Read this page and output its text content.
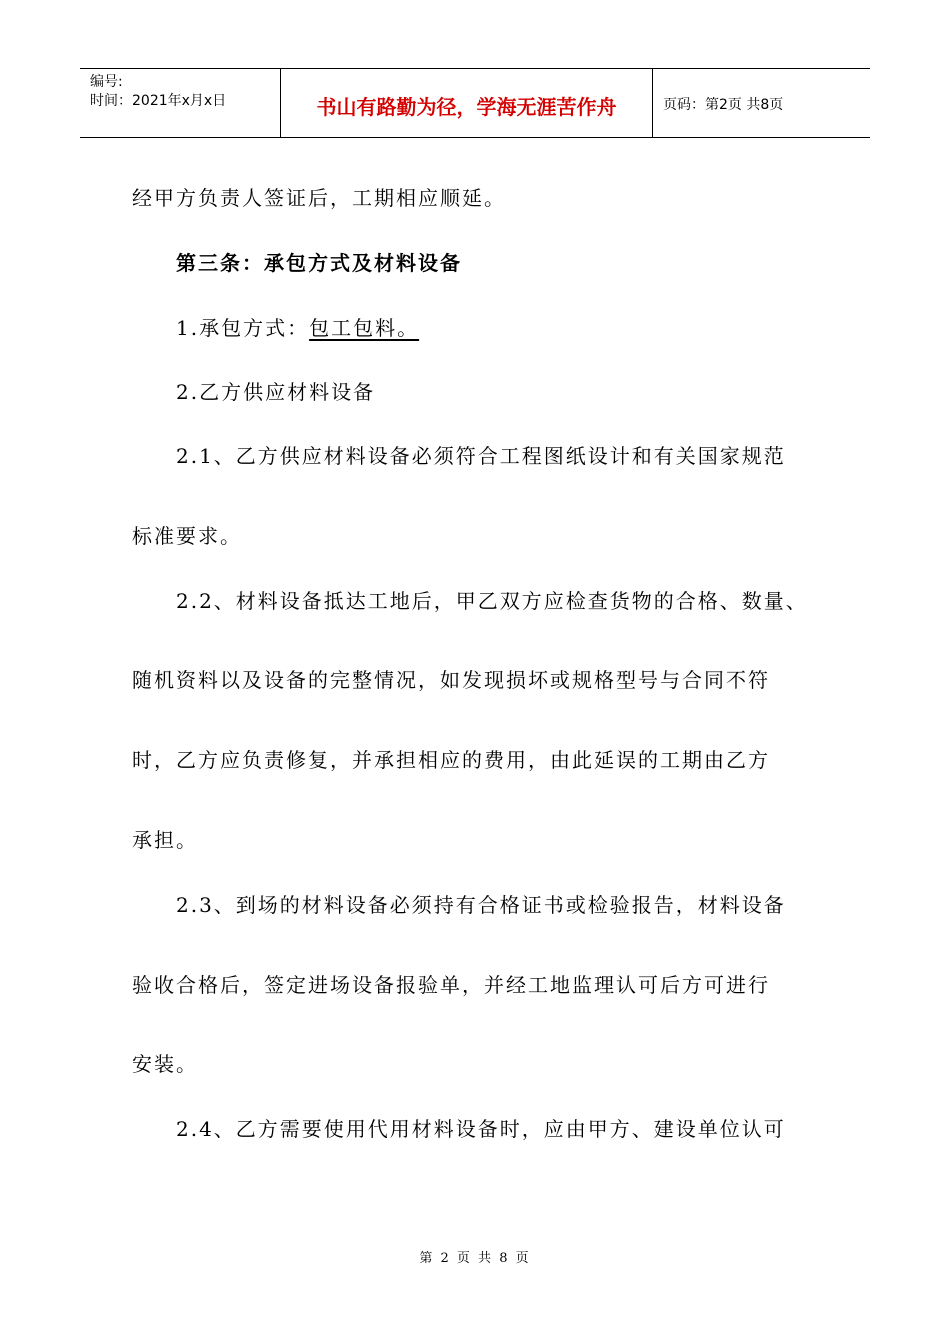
编号:
时间：2021年x月x日	书山有路勤为径，学海无涯苦作舟	页码：第2页 共8页
经甲方负责人签证后，工期相应顺延。
第三条：承包方式及材料设备
1.承包方式：包工包料。
2.乙方供应材料设备
2.1、乙方供应材料设备必须符合工程图纸设计和有关国家规范
标准要求。
2.2、材料设备抵达工地后，甲乙双方应检查货物的合格、数量、
随机资料以及设备的完整情况，如发现损坏或规格型号与合同不符
时，乙方应负责修复，并承担相应的费用，由此延误的工期由乙方
承担。
2.3、到场的材料设备必须持有合格证书或检验报告，材料设备
验收合格后，签定进场设备报验单，并经工地监理认可后方可进行
安装。
2.4、乙方需要使用代用材料设备时，应由甲方、建设单位认可
第 2 页 共 8 页
